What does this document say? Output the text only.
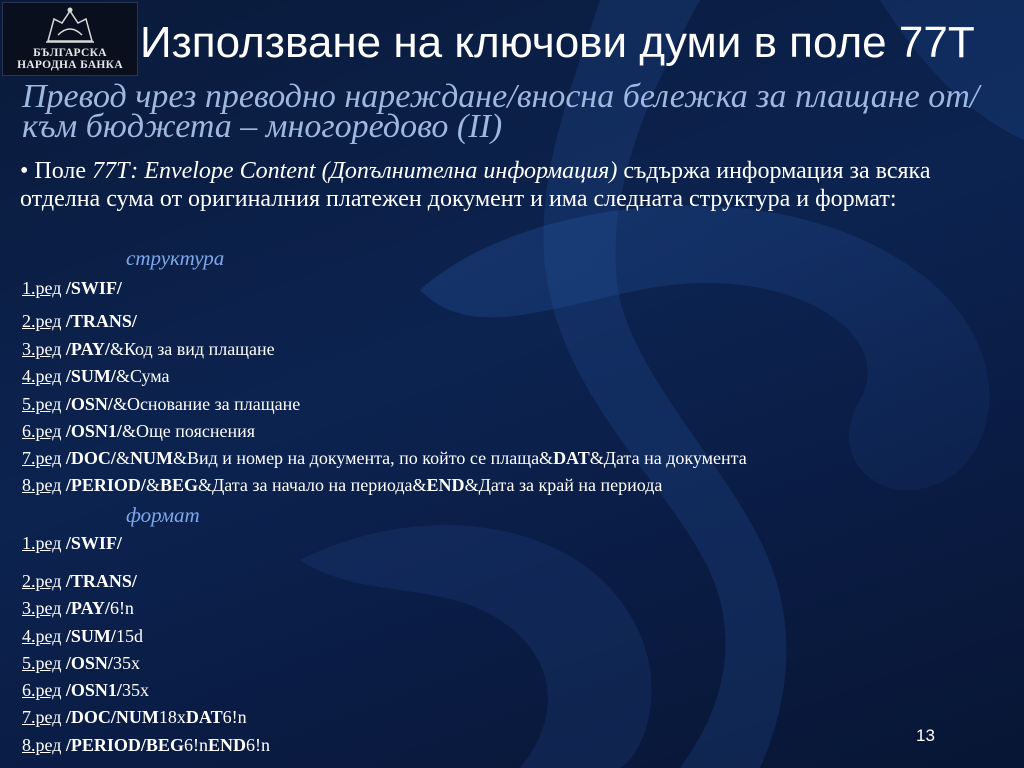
БЪЛГАРСКА
НАРОДНА БАНКА Използване на ключови думи в поле 77Т
Превод чрез преводно нареждане/вносна бележка за плащане от/към бюджета – многоредово (II)
• Поле 77Т: Envelope Content (Допълнителна информация) съдържа информация за всяка отделна сума от оригиналния платежен документ и има следната структура и формат:
структура
1.ред /SWIF/
2.ред /TRANS/
3.ред /PAY/&Код за вид плащане
4.ред /SUM/&Сума
5.ред /OSN/&Основание за плащане
6.ред /OSN1/&Още пояснения
7.ред /DOC/&NUM&Вид и номер на документа, по който се плаща&DAT&Дата на документа
8.ред /PERIOD/&BEG&Дата за начало на периода&END&Дата за край на периода
формат
1.ред /SWIF/
2.ред /TRANS/
3.ред /PAY/6!n
4.ред /SUM/15d
5.ред /OSN/35x
6.ред /OSN1/35x
7.ред /DOC/NUM18xDAT6!n
8.ред /PERIOD/BEG6!nEND6!n	13
